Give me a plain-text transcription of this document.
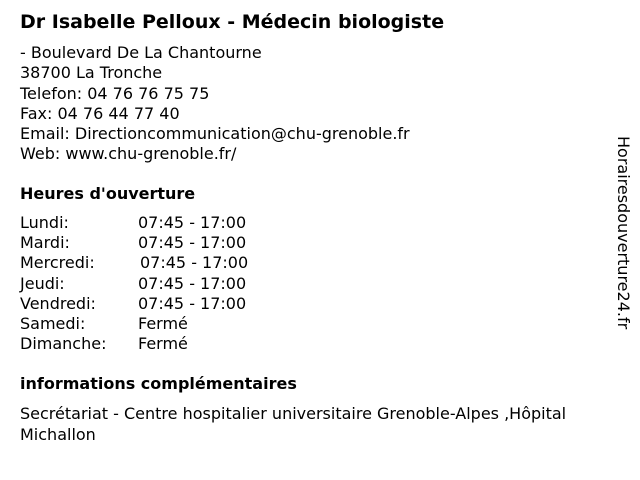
Dr Isabelle Pelloux - Médecin biologiste
- Boulevard De La Chantourne
38700 La Tronche
Telefon: 04 76 76 75 75
Fax: 04 76 44 77 40
Email: Directioncommunication@chu-grenoble.fr
Web: www.chu-grenoble.fr/
Heures d'ouverture
Lundi:	07:45 - 17:00
Mardi:	07:45 - 17:00
Mercredi:	07:45 - 17:00
Jeudi:	07:45 - 17:00
Vendredi:	07:45 - 17:00
Samedi:	Fermé
Dimanche: Fermé
informations complémentaires
Secrétariat - Centre hospitalier universitaire Grenoble-Alpes ,Hôpital Michallon
Horairesdouverture24.fr
